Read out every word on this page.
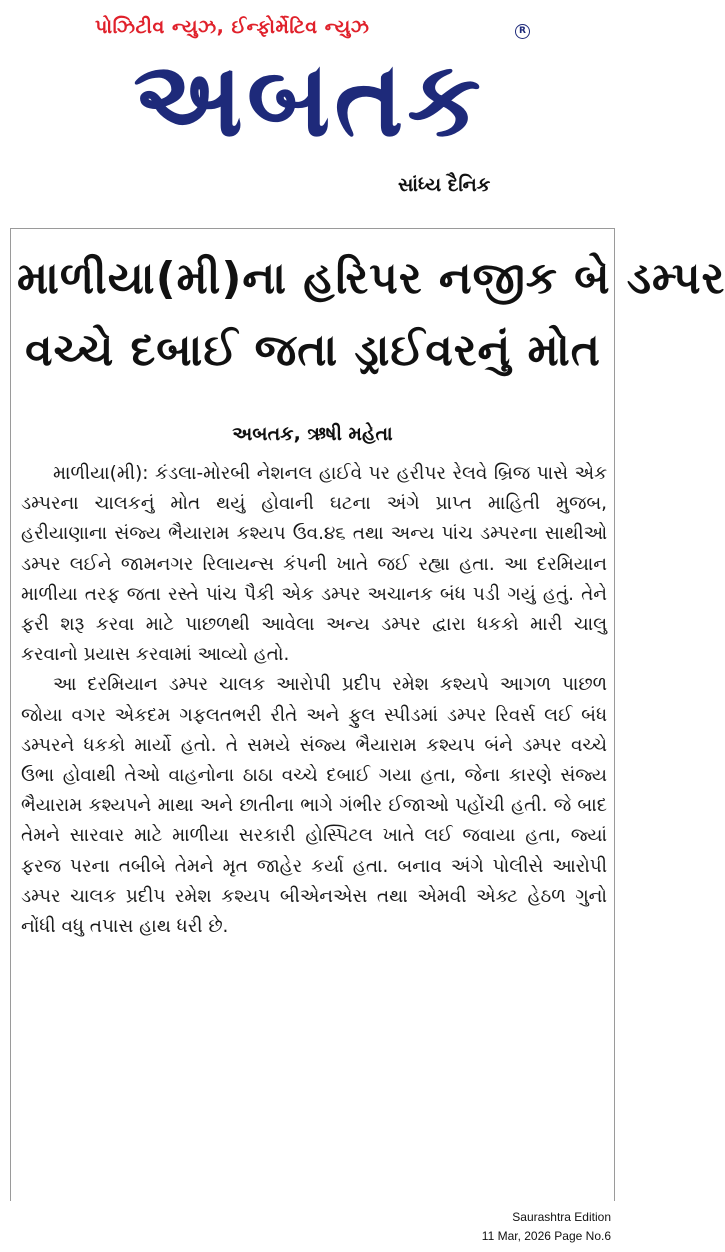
પોઝિટીવ ન્યુઝ, ઈન્ફોર્મેટિવ ન્યુઝ	R
અબતક
સાંધ્ય દૈનિક
માળીયા(મી)ના હરિપર નજીક બે ડમ્પર
વચ્ચે દબાઈ જતા ડ્રાઈવરનું મોત
અબતક, ઋષી મહેતા

માળીયા(મી): કંડલા-મોરબી નેશનલ હાઈવે પર હરીપર રેલવે બ્રિજ પાસે એક ડમ્પરના ચાલકનું મોત થયું હોવાની ઘટના અંગે પ્રાપ્ત માહિતી મુજબ, હરીયાણાના સંજ્ય ભૈયારામ કશ્યપ ઉવ.૪૬ તથા અન્ય પાંચ ડમ્પરના સાથીઓ ડમ્પર લઈને જામનગર રિલાયન્સ કંપની ખાતે જઈ રહ્યા હતા. આ દરમિયાન માળીયા તરફ જતા રસ્તે પાંચ પૈકી એક ડમ્પર અચાનક બંધ પડી ગયું હતું. તેને ફરી શરૂ કરવા માટે પાછળથી આવેલા અન્ય ડમ્પર દ્વારા ધકકો મારી ચાલુ કરવાનો પ્રયાસ કરવામાં આવ્યો હતો.

આ દરમિયાન ડમ્પર ચાલક આરોપી પ્રદીપ રમેશ કશ્યપે આગળ પાછળ જોયા વગર એકદમ ગફલતભરી રીતે અને ફુલ સ્પીડમાં ડમ્પર રિવર્સ લઈ બંધ ડમ્પરને ધકકો માર્યો હતો. તે સમયે સંજ્ય ભૈયારામ કશ્યપ બંને ડમ્પર વચ્ચે ઉભા હોવાથી તેઓ વાહનોના ઠાઠા વચ્ચે દબાઈ ગયા હતા, જેના કારણે સંજ્ય ભૈયારામ કશ્યપને માથા અને છાતીના ભાગે ગંભીર ઈજાઓ પહોંચી હતી. જે બાદ તેમને સારવાર માટે માળીયા સરકારી હોસ્પિટલ ખાતે લઈ જવાયા હતા, જ્યાં ફરજ પરના તબીબે તેમને મૃત જાહેર કર્યા હતા. બનાવ અંગે પોલીસે આરોપી ડમ્પર ચાલક પ્રદીપ રમેશ કશ્યપ બીએનએસ તથા એમવી એક્ટ હેઠળ ગુનો નોંધી વધુ તપાસ હાથ ધરી છે.

Saurashtra Edition
11 Mar, 2026 Page No.6
